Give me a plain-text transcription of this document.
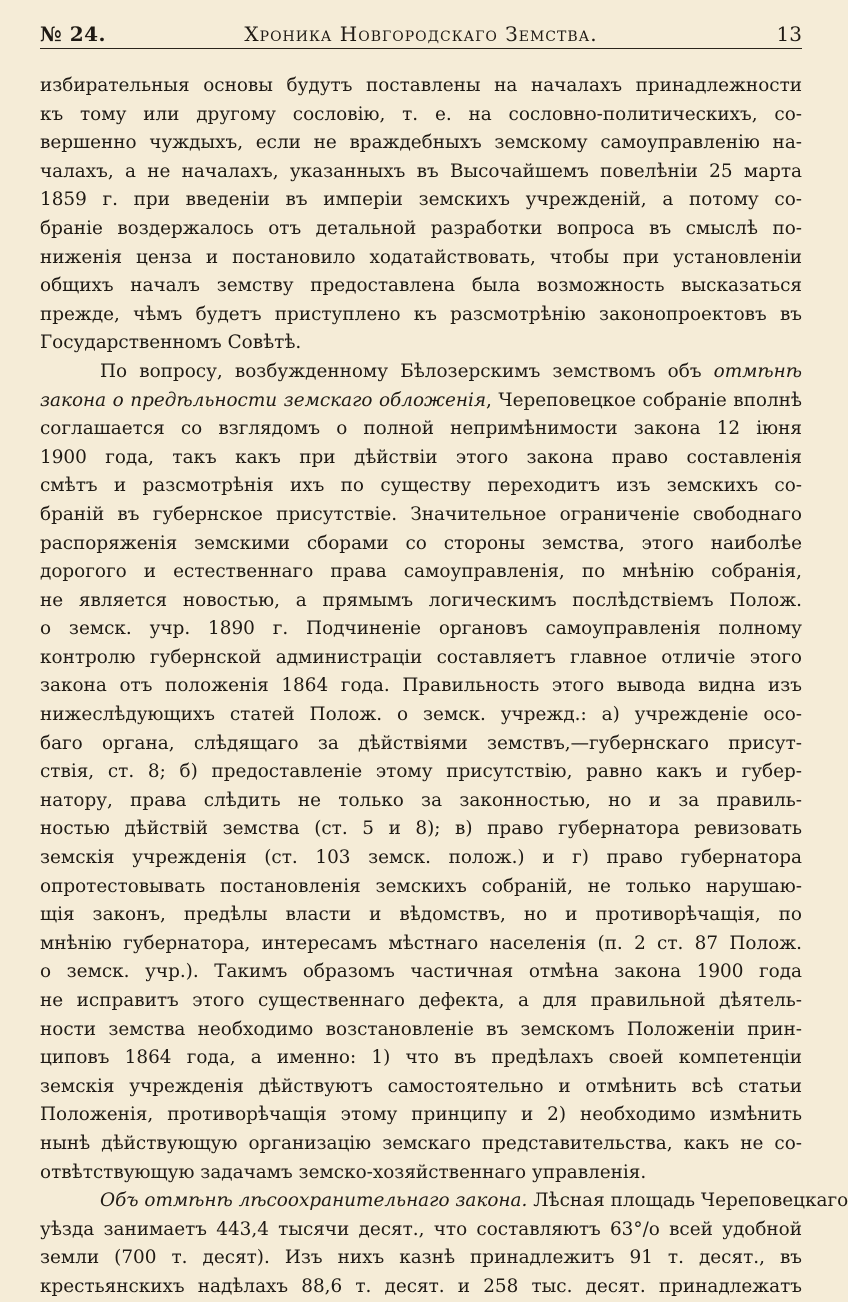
№ 24.	Хроника Новгородскаго Земства.	13
избирательныя основы будутъ поставлены на началахъ принадлежности
къ тому или другому сословію, т. е. на сословно-политическихъ, со-
вершенно чуждыхъ, если не враждебныхъ земскому самоуправленію на-
чалахъ, а не началахъ, указанныхъ въ Высочайшемъ повелѣніи 25 марта
1859 г. при введеніи въ имперіи земскихъ учрежденій, а потому со-
браніе воздержалось отъ детальной разработки вопроса въ смыслѣ по-
ниженія ценза и постановило ходатайствовать, чтобы при установленіи
общихъ началъ земству предоставлена была возможность высказаться
прежде, чѣмъ будетъ приступлено къ разсмотрѣнію законопроектовъ въ
Государственномъ Совѣтѣ.
По вопросу, возбужденному Бѣлозерскимъ земствомъ объ отмѣнѣ
закона о предѣльности земскаго обложенія, Череповецкое собраніе вполнѣ
соглашается со взглядомъ о полной непримѣнимости закона 12 іюня
1900 года, такъ какъ при дѣйствіи этого закона право составленія
смѣтъ и разсмотрѣнія ихъ по существу переходитъ изъ земскихъ со-
браній въ губернское присутствіе. Значительное ограниченіе свободнаго
распоряженія земскими сборами со стороны земства, этого наиболѣе
дорогого и естественнаго права самоуправленія, по мнѣнію собранія,
не является новостью, а прямымъ логическимъ послѣдствіемъ Полож.
о земск. учр. 1890 г. Подчиненіе органовъ самоуправленія полному
контролю губернской администраціи составляетъ главное отличіе этого
закона отъ положенія 1864 года. Правильность этого вывода видна изъ
нижеслѣдующихъ статей Полож. о земск. учрежд.: а) учрежденіе осо-
баго органа, слѣдящаго за дѣйствіями земствъ,—губернскаго присут-
ствія, ст. 8; б) предоставленіе этому присутствію, равно какъ и губер-
натору, права слѣдить не только за законностью, но и за правиль-
ностью дѣйствій земства (ст. 5 и 8); в) право губернатора ревизовать
земскія учрежденія (ст. 103 земск. полож.) и г) право губернатора
опротестовывать постановленія земскихъ собраній, не только нарушаю-
щія законъ, предѣлы власти и вѣдомствъ, но и противорѣчащія, по
мнѣнію губернатора, интересамъ мѣстнаго населенія (п. 2 ст. 87 Полож.
о земск. учр.). Такимъ образомъ частичная отмѣна закона 1900 года
не исправитъ этого существеннаго дефекта, а для правильной дѣятель-
ности земства необходимо возстановленіе въ земскомъ Положеніи прин-
циповъ 1864 года, а именно: 1) что въ предѣлахъ своей компетенціи
земскія учрежденія дѣйствуютъ самостоятельно и отмѣнить всѣ статьи
Положенія, противорѣчащія этому принципу и 2) необходимо измѣнить
нынѣ дѣйствующую организацію земскаго представительства, какъ не со-
отвѣтствующую задачамъ земско-хозяйственнаго управленія.
Объ отмѣнѣ лѣсоохранительнаго закона. Лѣсная площадь Череповецкаго
уѣзда занимаетъ 443,4 тысячи десят., что составляютъ 63°/о всей удобной
земли (700 т. десят). Изъ нихъ казнѣ принадлежитъ 91 т. десят., въ
крестьянскихъ надѣлахъ 88,6 т. десят. и 258 тыс. десят. принадлежатъ
